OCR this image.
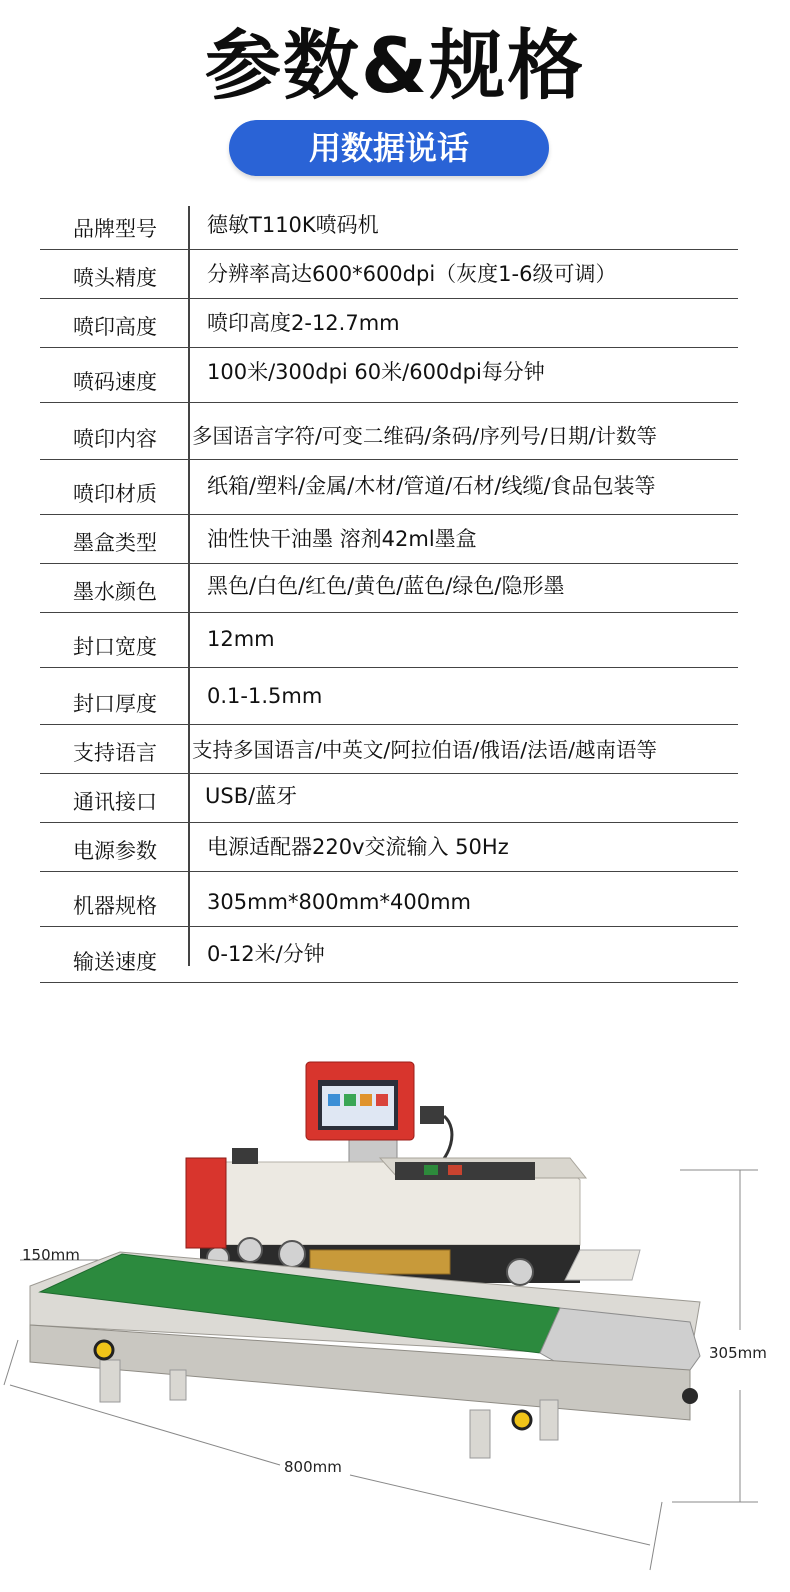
参数&规格
用数据说话
品牌型号	德敏T110K喷码机
喷头精度	分辨率高达600*600dpi（灰度1-6级可调）
喷印高度	喷印高度2-12.7mm
喷码速度	100米/300dpi 60米/600dpi每分钟
喷印内容	多国语言字符/可变二维码/条码/序列号/日期/计数等
喷印材质	纸箱/塑料/金属/木材/管道/石材/线缆/食品包装等
墨盒类型	油性快干油墨 溶剂42ml墨盒
墨水颜色	黑色/白色/红色/黄色/蓝色/绿色/隐形墨
封口宽度	12mm
封口厚度	0.1-1.5mm
支持语言	支持多国语言/中英文/阿拉伯语/俄语/法语/越南语等
通讯接口	USB/蓝牙
电源参数	电源适配器220v交流输入 50Hz
机器规格	305mm*800mm*400mm
输送速度	0-12米/分钟
150mm
305mm
800mm
